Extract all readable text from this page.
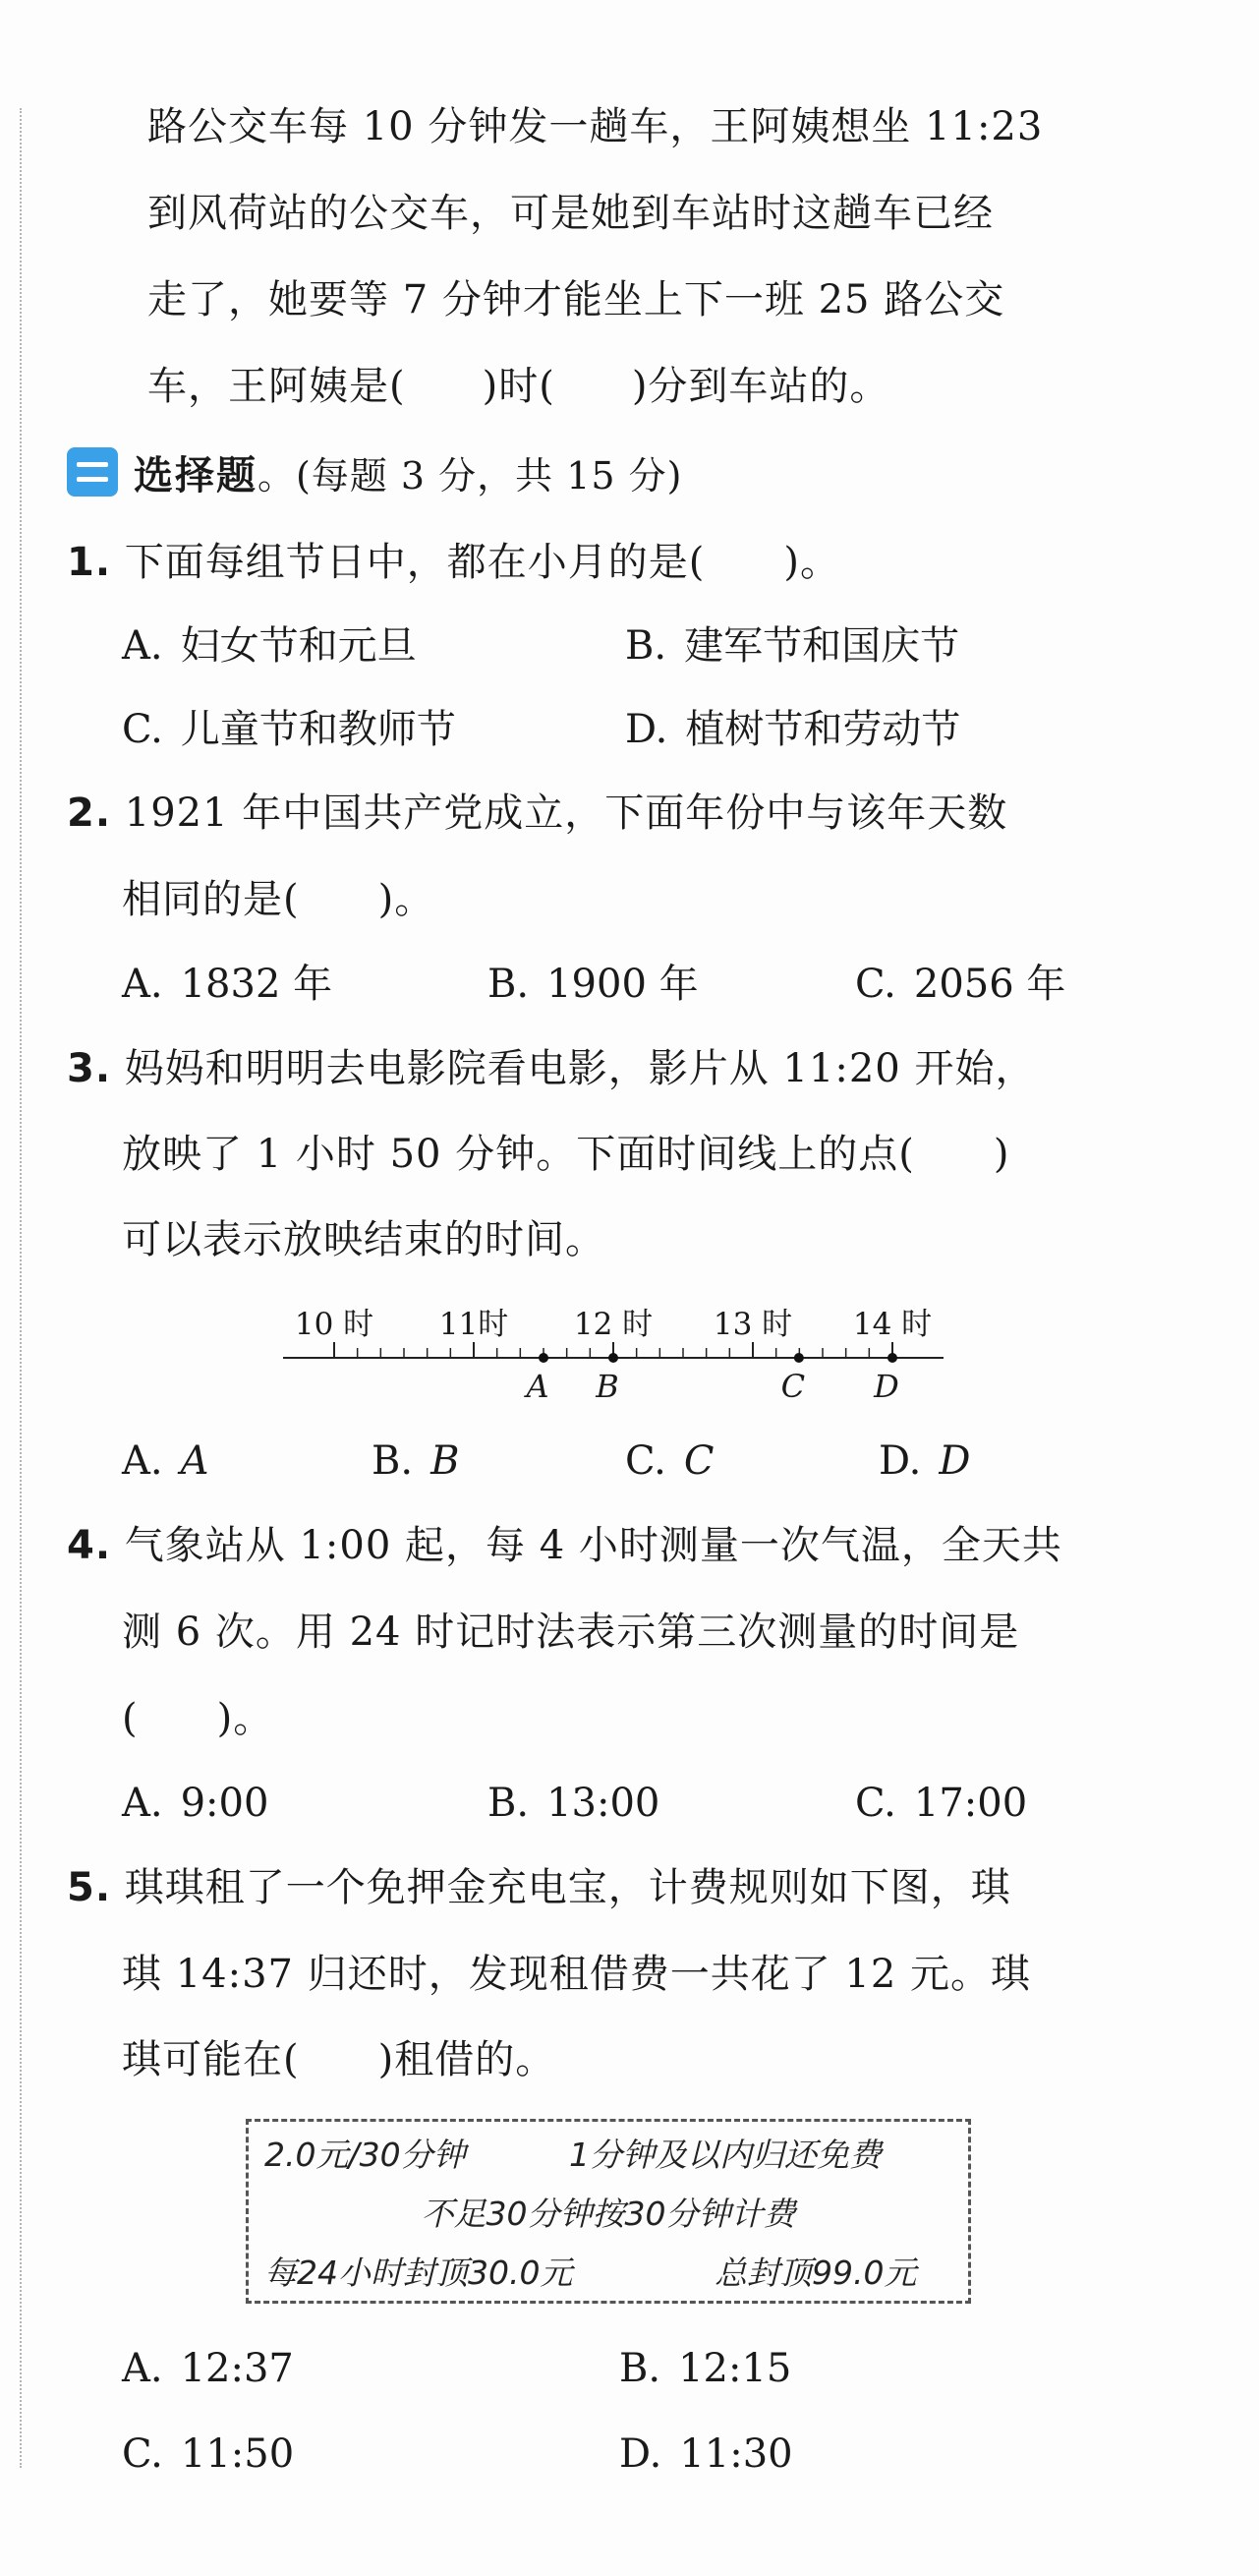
路公交车每 10 分钟发一趟车，王阿姨想坐 11:23
到风荷站的公交车，可是她到车站时这趟车已经
走了，她要等 7 分钟才能坐上下一班 25 路公交
车，王阿姨是( )时( )分到车站的。
选择题 。(每题 3 分，共 15 分)
1. 下面每组节日中，都在小月的是( )。
A. 妇女节和元旦	B. 建军节和国庆节
C. 儿童节和教师节	D. 植树节和劳动节
2. 1921 年中国共产党成立，下面年份中与该年天数
相同的是( )。
A. 1832 年	B. 1900 年	C. 2056 年
3. 妈妈和明明去电影院看电影，影片从 11:20 开始，
放映了 1 小时 50 分钟。下面时间线上的点( )
可以表示放映结束的时间。
10 时 11时 12 时 13 时 14 时
A B	C D
A. A	B. B	C. C	D. D
4. 气象站从 1:00 起，每 4 小时测量一次气温，全天共
测 6 次。用 24 时记时法表示第三次测量的时间是
( )。
A. 9:00	B. 13:00	C. 17:00
5. 琪琪租了一个免押金充电宝，计费规则如下图，琪
琪 14:37 归还时，发现租借费一共花了 12 元。琪
琪可能在( )租借的。
2.0元/30分钟	1分钟及以内归还免费
不足30分钟按30分钟计费
每24小时封顶30.0元	总封顶99.0元
A. 12:37	B. 12:15
C. 11:50	D. 11:30
